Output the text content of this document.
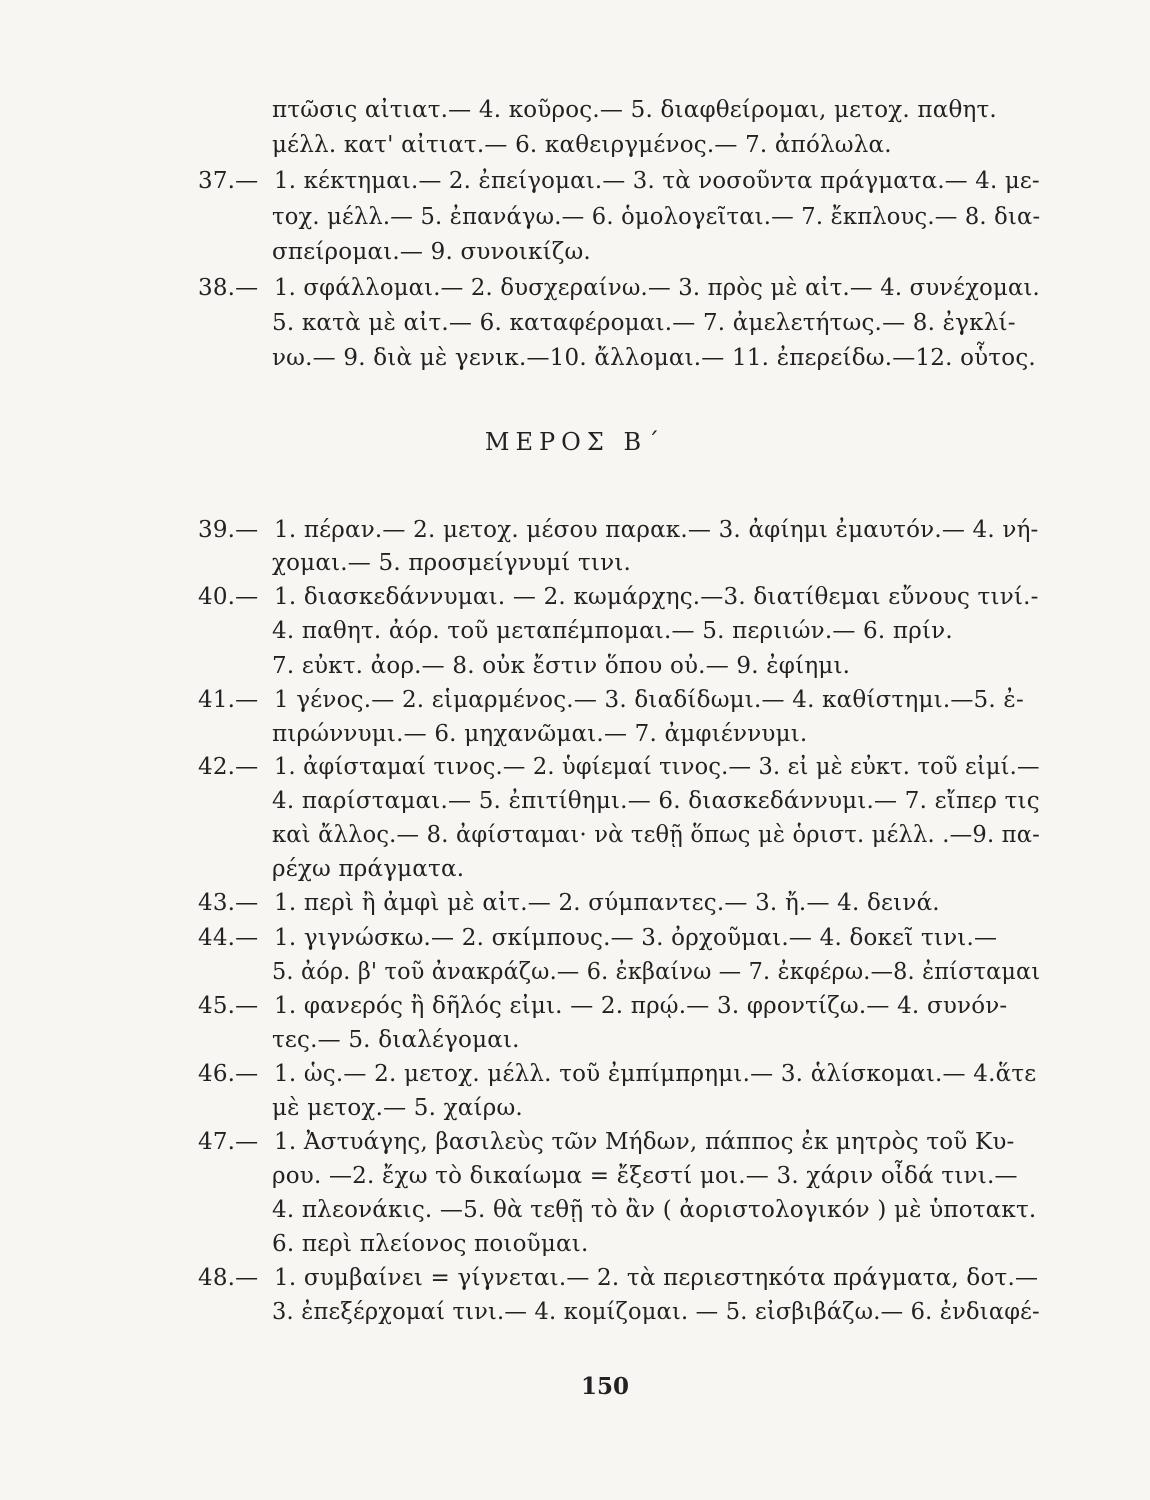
πτῶσις αἰτιατ.— 4. κοῦρος.— 5. διαφθείρομαι, μετοχ. παθητ.
μέλλ. κατ' αἰτιατ.— 6. καθειργμένος.— 7. ἀπόλωλα.
37.— 1. κέκτημαι.— 2. ἐπείγομαι.— 3. τὰ νοσοῦντα πράγματα.— 4. με-
τοχ. μέλλ.— 5. ἐπανάγω.— 6. ὁμολογεῖται.— 7. ἔκπλους.— 8. δια-
σπείρομαι.— 9. συνοικίζω.
38.— 1. σφάλλομαι.— 2. δυσχεραίνω.— 3. πρὸς μὲ αἰτ.— 4. συνέχομαι.
5. κατὰ μὲ αἰτ.— 6. καταφέρομαι.— 7. ἀμελετήτως.— 8. ἐγκλί-
νω.— 9. διὰ μὲ γενικ.—10. ἄλλομαι.— 11. ἐπερείδω.—12. οὗτος.
ΜΕΡΟΣ Β΄
39.— 1. πέραν.— 2. μετοχ. μέσου παρακ.— 3. ἀφίημι ἐμαυτόν.— 4. νή-
χομαι.— 5. προσμείγνυμί τινι.
40.— 1. διασκεδάννυμαι. — 2. κωμάρχης.—3. διατίθεμαι εὔνους τινί.-
4. παθητ. ἀόρ. τοῦ μεταπέμπομαι.— 5. περιιών.— 6. πρίν.
7. εὐκτ. ἀορ.— 8. οὐκ ἔστιν ὅπου οὐ.— 9. ἐφίημι.
41.— 1 γένος.— 2. εἱμαρμένος.— 3. διαδίδωμι.— 4. καθίστημι.—5. ἐ-
πιρώννυμι.— 6. μηχανῶμαι.— 7. ἀμφιέννυμι.
42.— 1. ἀφίσταμαί τινος.— 2. ὑφίεμαί τινος.— 3. εἰ μὲ εὐκτ. τοῦ εἰμί.—
4. παρίσταμαι.— 5. ἐπιτίθημι.— 6. διασκεδάννυμι.— 7. εἴπερ τις
καὶ ἄλλος.— 8. ἀφίσταμαι· νὰ τεθῇ ὅπως μὲ ὁριστ. μέλλ. .—9. πα-
ρέχω πράγματα.
43.— 1. περὶ ἢ ἀμφὶ μὲ αἰτ.— 2. σύμπαντες.— 3. ἤ.— 4. δεινά.
44.— 1. γιγνώσκω.— 2. σκίμπους.— 3. ὀρχοῦμαι.— 4. δοκεῖ τινι.—
5. ἀόρ. β' τοῦ ἀνακράζω.— 6. ἐκβαίνω — 7. ἐκφέρω.—8. ἐπίσταμαι
45.— 1. φανερός ἢ δῆλός εἰμι. — 2. πρῴ.— 3. φροντίζω.— 4. συνόν-
τες.— 5. διαλέγομαι.
46.— 1. ὡς.— 2. μετοχ. μέλλ. τοῦ ἐμπίμπρημι.— 3. ἁλίσκομαι.— 4.ἅτε
μὲ μετοχ.— 5. χαίρω.
47.— 1. Ἀστυάγης, βασιλεὺς τῶν Μήδων, πάππος ἐκ μητρὸς τοῦ Κυ-
ρου. —2. ἔχω τὸ δικαίωμα = ἔξεστί μοι.— 3. χάριν οἶδά τινι.—
4. πλεονάκις. —5. θὰ τεθῇ τὸ ἂν ( ἀοριστολογικόν ) μὲ ὑποτακτ.
6. περὶ πλείονος ποιοῦμαι.
48.— 1. συμβαίνει = γίγνεται.— 2. τὰ περιεστηκότα πράγματα, δοτ.—
3. ἐπεξέρχομαί τινι.— 4. κομίζομαι. — 5. εἰσβιβάζω.— 6. ἐνδιαφέ-
150
